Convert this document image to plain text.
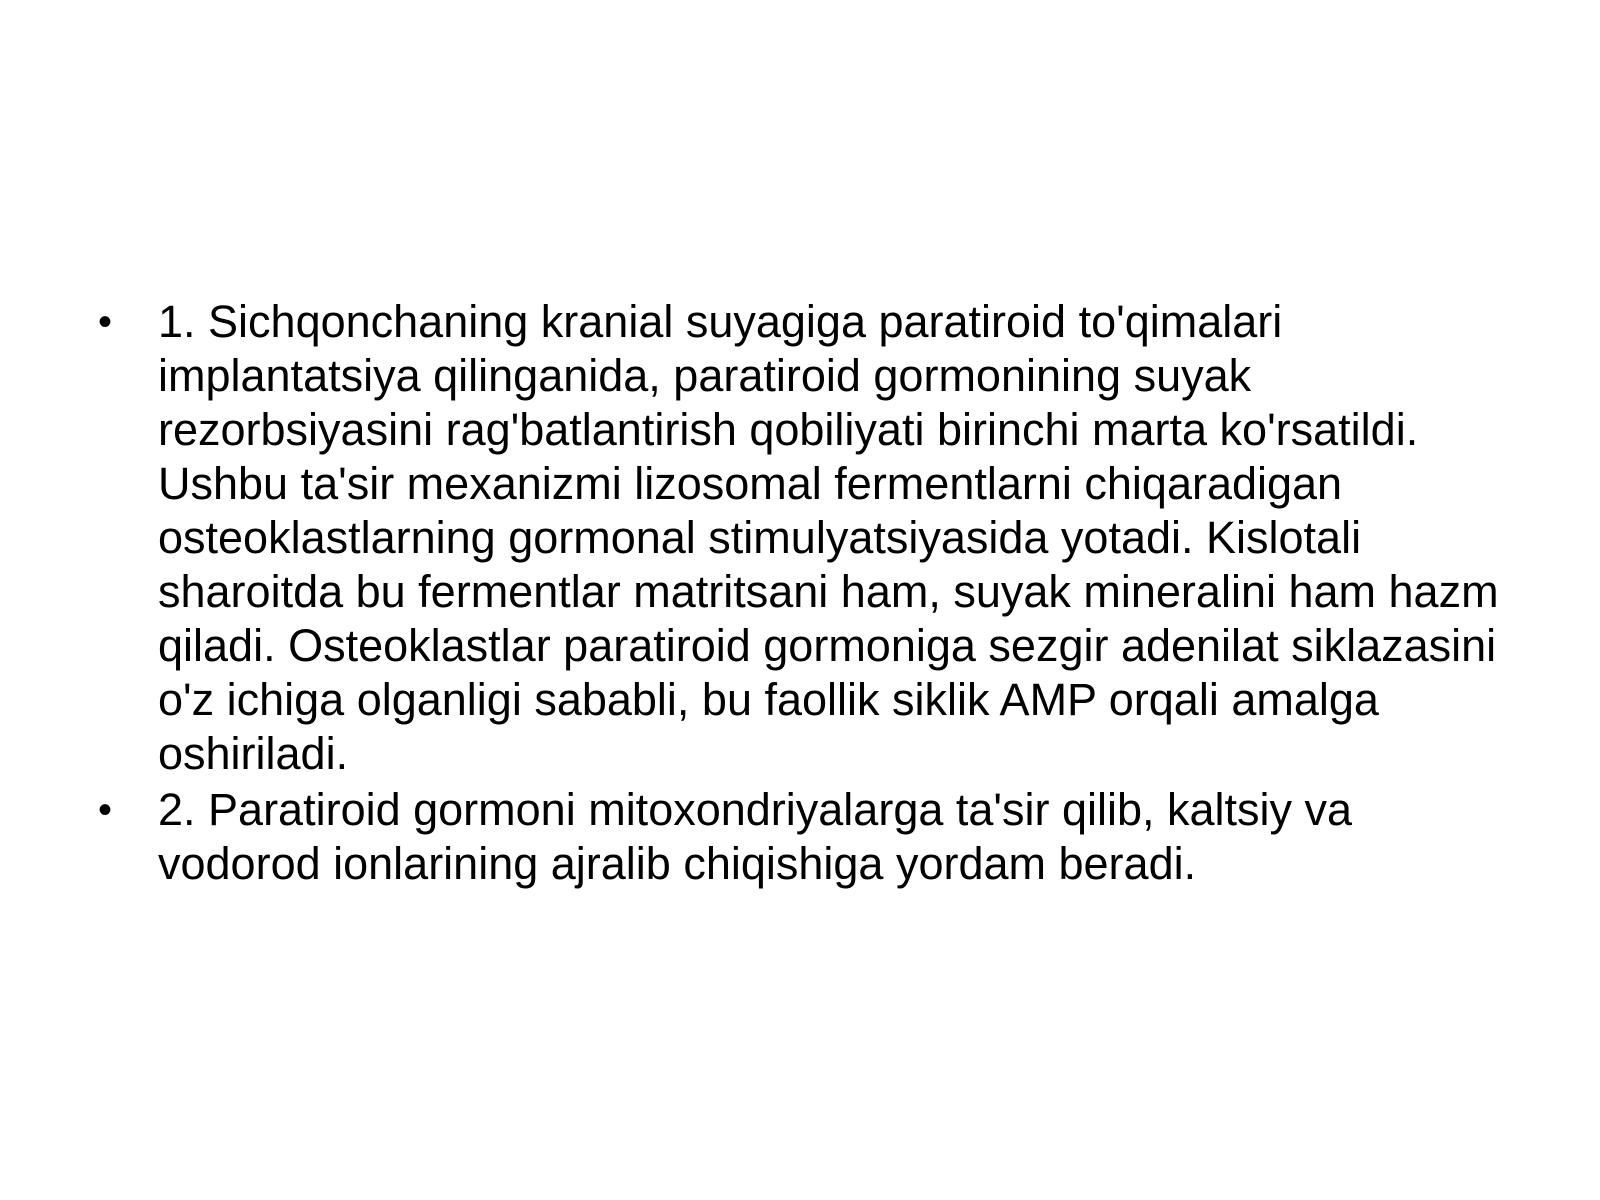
• 1. Sichqonchaning kranial suyagiga paratiroid to'qimalari implantatsiya qilinganida, paratiroid gormonining suyak rezorbsiyasini rag'batlantirish qobiliyati birinchi marta ko'rsatildi. Ushbu ta'sir mexanizmi lizosomal fermentlarni chiqaradigan osteoklastlarning gormonal stimulyatsiyasida yotadi. Kislotali sharoitda bu fermentlar matritsani ham, suyak mineralini ham hazm qiladi. Osteoklastlar paratiroid gormoniga sezgir adenilat siklazasini o'z ichiga olganligi sababli, bu faollik siklik AMP orqali amalga oshiriladi.
• 2. Paratiroid gormoni mitoxondriyalarga ta'sir qilib, kaltsiy va vodorod ionlarining ajralib chiqishiga yordam beradi.
